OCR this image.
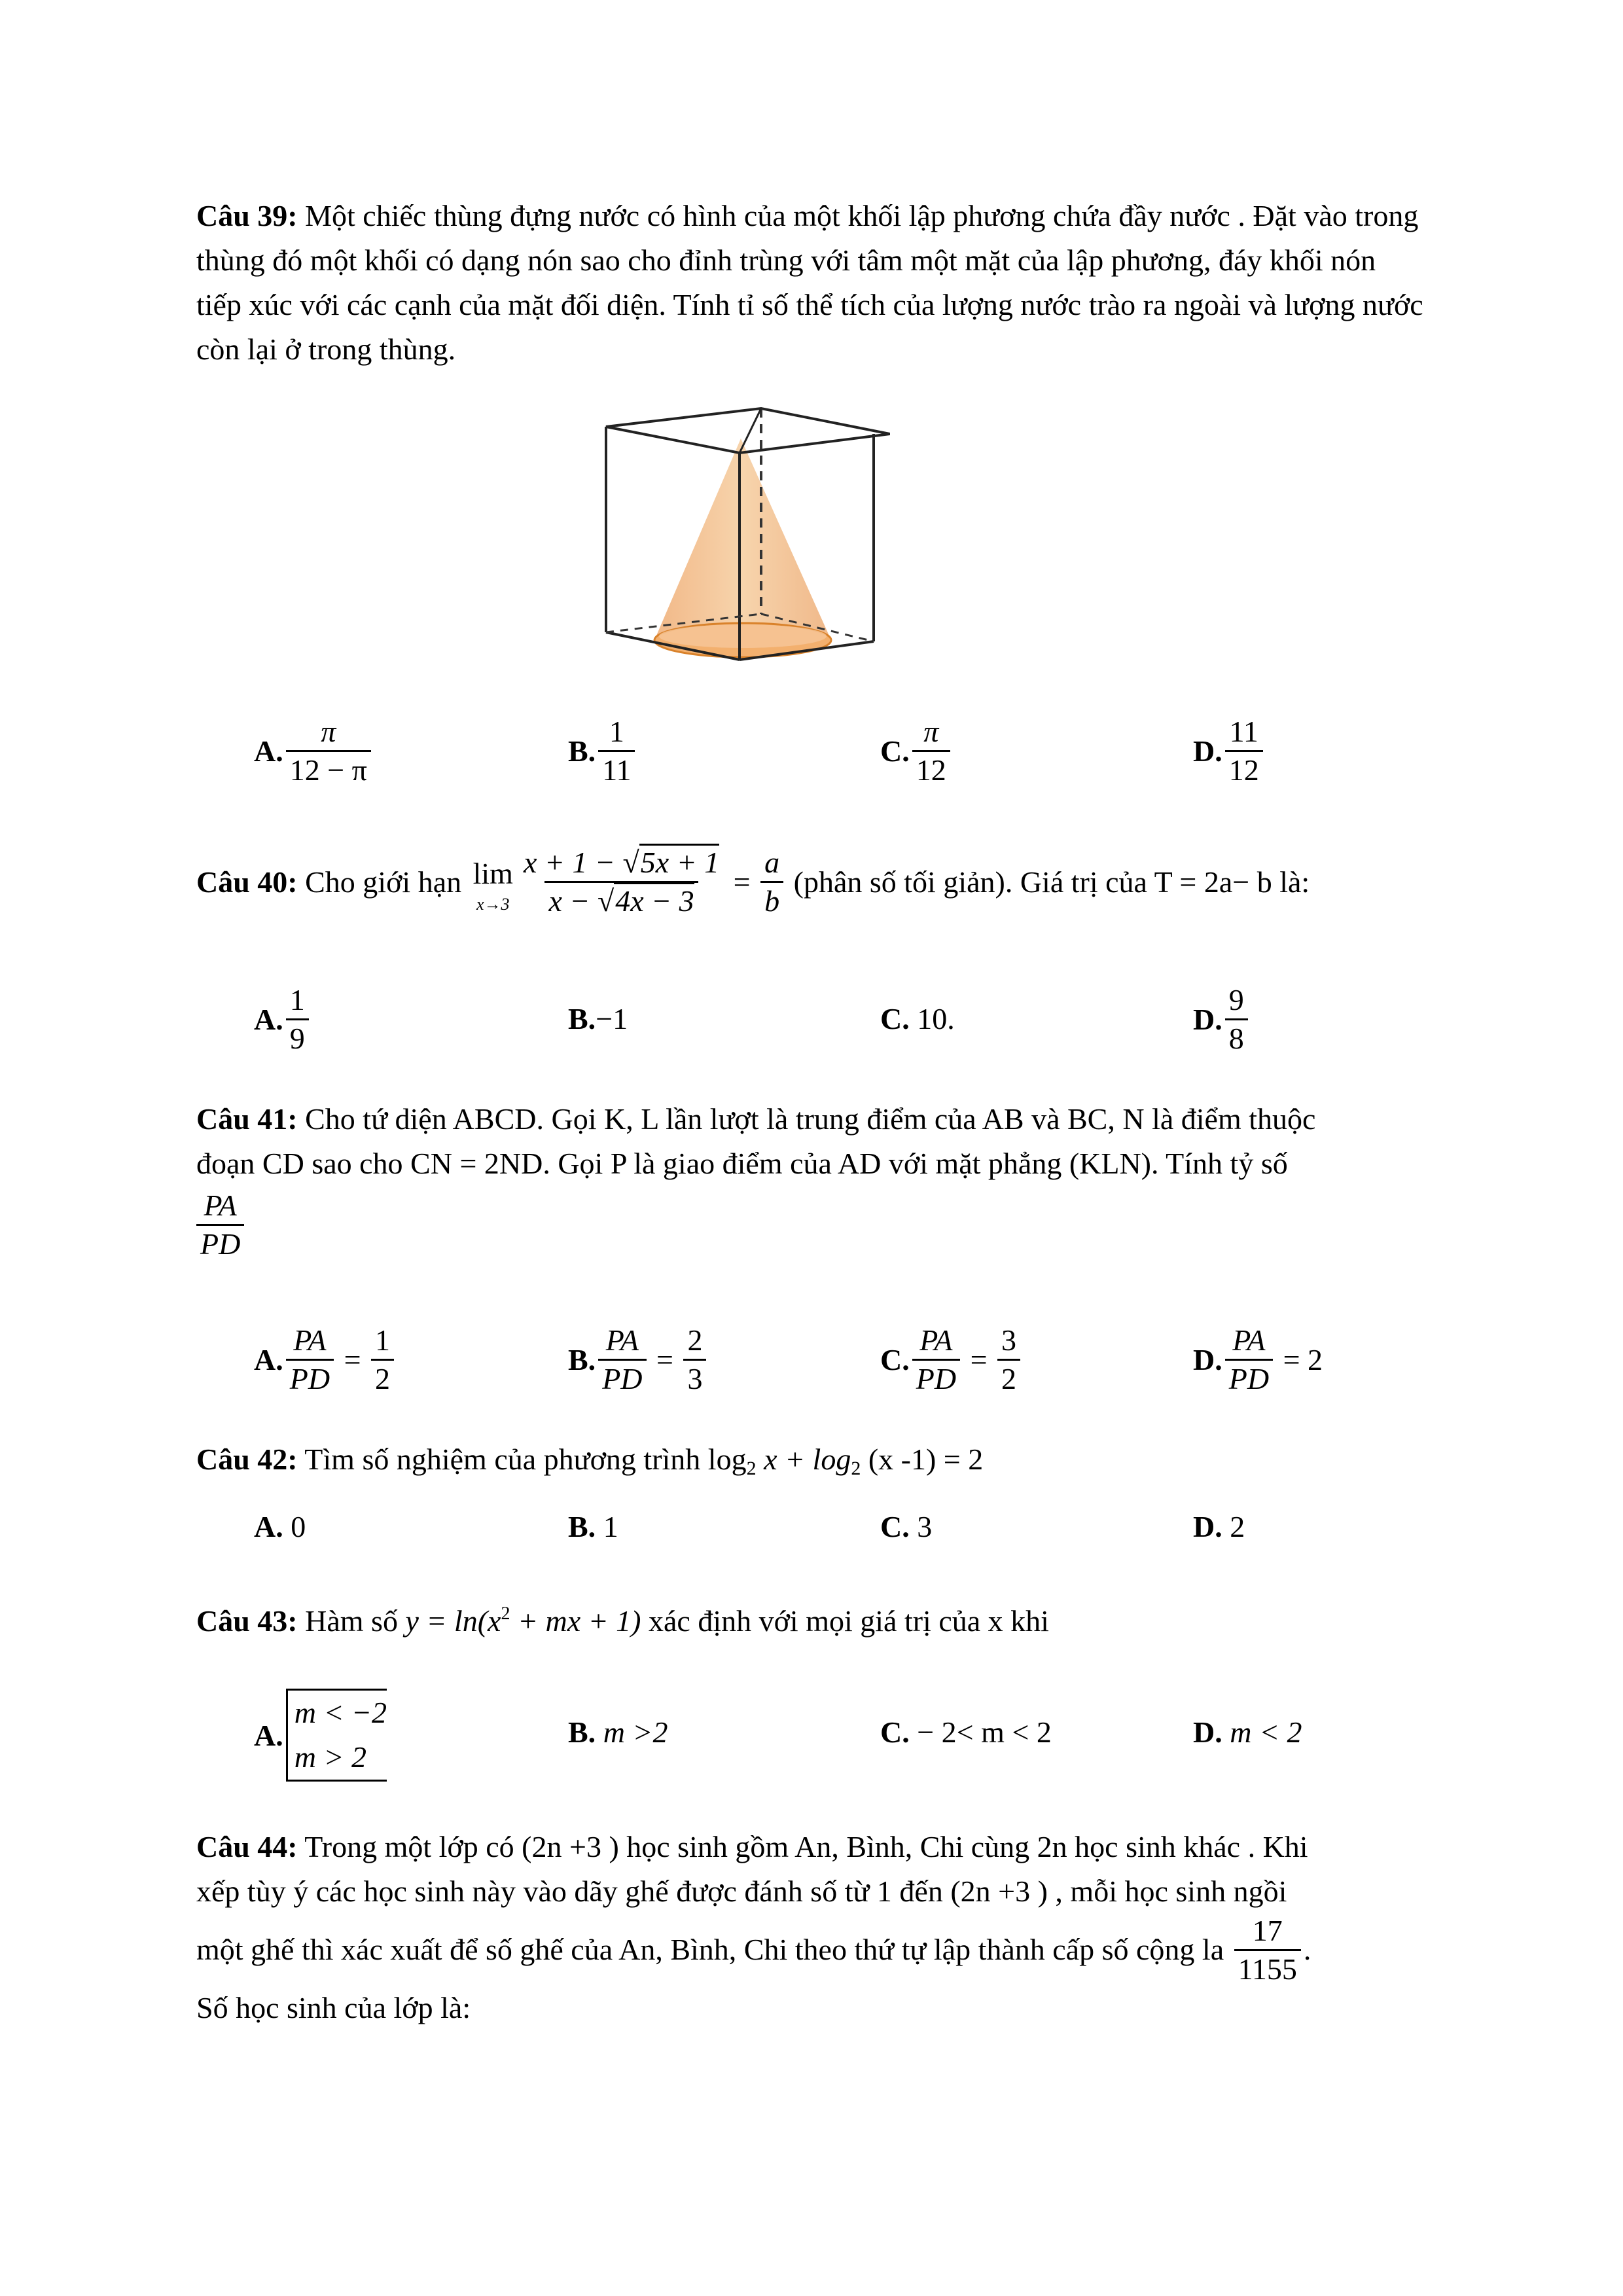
Câu 39: Một chiếc thùng đựng nước có hình của một khối lập phương chứa đầy nước . Đặt vào trong thùng đó một khối có dạng nón sao cho đỉnh trùng với tâm một mặt của lập phương, đáy khối nón tiếp xúc với các cạnh của mặt đối diện. Tính tỉ số thể tích của lượng nước trào ra ngoài và lượng nước còn lại ở trong thùng.
A. $\frac{\pi}{12 - \pi}$	B. $\frac{1}{11}$	C. $\frac{\pi}{12}$	D. $\frac{11}{12}$
Câu 40: Cho giới hạn lim
$x\to 3 \frac{x + 1 - √5x + 1}{x - √4x - 3} = \frac{a}{b}$ (phân số tối giản). Giá trị của T = 2a− b là:
A. $\frac{1}{9}$	B. −1	C. 10.	D. $\frac{9}{8}$
Câu 41: Cho tứ diện ABCD. Gọi K, L lần lượt là trung điểm của AB và BC, N là điểm thuộc
đoạn CD sao cho CN = 2ND. Gọi P là giao điểm của AD với mặt phẳng (KLN). Tính tỷ số
$\frac{PA}{PD}$
A. $\frac{PA}{PD} = \frac{1}{2}$	B. $\frac{PA}{PD} = \frac{2}{3}$	C. $\frac{PA}{PD} = \frac{3}{2}$	D. $\frac{PA}{PD} = 2$
Câu 42: Tìm số nghiệm của phương trình log2 x + log2 (x -1) = 2
A. 0	B. 1	C. 3	D. 2
Câu 43: Hàm số $y = \ln(x^2$ + mx + 1) xác định với mọi giá trị của x khi
A.
m < −2
m > 2
B. m >2	C. − 2< m < 2	D. m < 2
Câu 44: Trong một lớp có (2n +3 ) học sinh gồm An, Bình, Chi cùng 2n học sinh khác . Khi
xếp tùy ý các học sinh này vào dãy ghế được đánh số từ 1 đến (2n +3 ) , mỗi học sinh ngồi
một ghế thì xác xuất để số ghế của An, Bình, Chi theo thứ tự lập thành cấp số cộng la $\frac{17}{1155}$ .
Số học sinh của lớp là:
